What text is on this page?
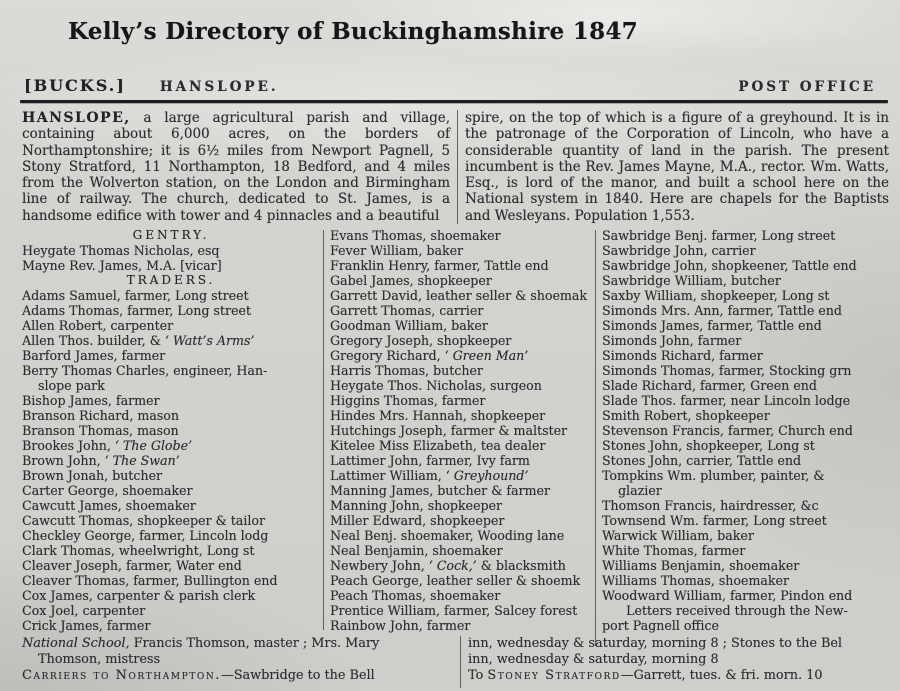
Kelly’s Directory of Buckinghamshire 1847
[BUCKS.]	HANSLOPE.	POST OFFICE

HANSLOPE, a large agricultural parish and village, containing about 6,000 acres, on the borders of Northamptonshire; it is 6½ miles from Newport Pagnell, 5 Stony Stratford, 11 Northampton, 18 Bedford, and 4 miles from the Wolverton station, on the London and Birmingham line of railway. The church, dedicated to St. James, is a handsome edifice with tower and 4 pinnacles and a beautiful

spire, on the top of which is a figure of a greyhound. It is in the patronage of the Corporation of Lincoln, who have a considerable quantity of land in the parish. The present incumbent is the Rev. James Mayne, M.A., rector. Wm. Watts, Esq., is lord of the manor, and built a school here on the National system in 1840. Here are chapels for the Baptists and Wesleyans. Population 1,553.

GENTRY.
Heygate Thomas Nicholas, esq
Mayne Rev. James, M.A. [vicar]
TRADERS.
Adams Samuel, farmer, Long street
Adams Thomas, farmer, Long street
Allen Robert, carpenter
Allen Thos. builder, & ‘ Watt’s Arms’
Barford James, farmer
Berry Thomas Charles, engineer, Han-
slope park
Bishop James, farmer
Branson Richard, mason
Branson Thomas, mason
Brookes John, ‘ The Globe’
Brown John, ‘ The Swan’
Brown Jonah, butcher
Carter George, shoemaker
Cawcutt James, shoemaker
Cawcutt Thomas, shopkeeper & tailor
Checkley George, farmer, Lincoln lodg
Clark Thomas, wheelwright, Long st
Cleaver Joseph, farmer, Water end
Cleaver Thomas, farmer, Bullington end
Cox James, carpenter & parish clerk
Cox Joel, carpenter
Crick James, farmer
Evans Thomas, shoemaker
Fever William, baker
Franklin Henry, farmer, Tattle end
Gabel James, shopkeeper
Garrett David, leather seller & shoemak
Garrett Thomas, carrier
Goodman William, baker
Gregory Joseph, shopkeeper
Gregory Richard, ‘ Green Man’
Harris Thomas, butcher
Heygate Thos. Nicholas, surgeon
Higgins Thomas, farmer
Hindes Mrs. Hannah, shopkeeper
Hutchings Joseph, farmer & maltster
Kitelee Miss Elizabeth, tea dealer
Lattimer John, farmer, Ivy farm
Lattimer William, ‘ Greyhound’
Manning James, butcher & farmer
Manning John, shopkeeper
Miller Edward, shopkeeper
Neal Benj. shoemaker, Wooding lane
Neal Benjamin, shoemaker
Newbery John, ‘ Cock,’ & blacksmith
Peach George, leather seller & shoemk
Peach Thomas, shoemaker
Prentice William, farmer, Salcey forest
Rainbow John, farmer
Sawbridge Benj. farmer, Long street
Sawbridge John, carrier
Sawbridge John, shopkeener, Tattle end
Sawbridge William, butcher
Saxby William, shopkeeper, Long st
Simonds Mrs. Ann, farmer, Tattle end
Simonds James, farmer, Tattle end
Simonds John, farmer
Simonds Richard, farmer
Simonds Thomas, farmer, Stocking grn
Slade Richard, farmer, Green end
Slade Thos. farmer, near Lincoln lodge
Smith Robert, shopkeeper
Stevenson Francis, farmer, Church end
Stones John, shopkeeper, Long st
Stones John, carrier, Tattle end
Tompkins Wm. plumber, painter, &
glazier
Thomson Francis, hairdresser, &c
Townsend Wm. farmer, Long street
Warwick William, baker
White Thomas, farmer
Williams Benjamin, shoemaker
Williams Thomas, shoemaker
Woodward William, farmer, Pindon end
Letters received through the New-
port Pagnell office
National School, Francis Thomson, master ; Mrs. Mary
Thomson, mistress
Carriers to Northampton.—Sawbridge to the Bell
inn, wednesday & saturday, morning 8 ; Stones to the Bel
inn, wednesday & saturday, morning 8
To Stoney Stratford—Garrett, tues. & fri. morn. 10
